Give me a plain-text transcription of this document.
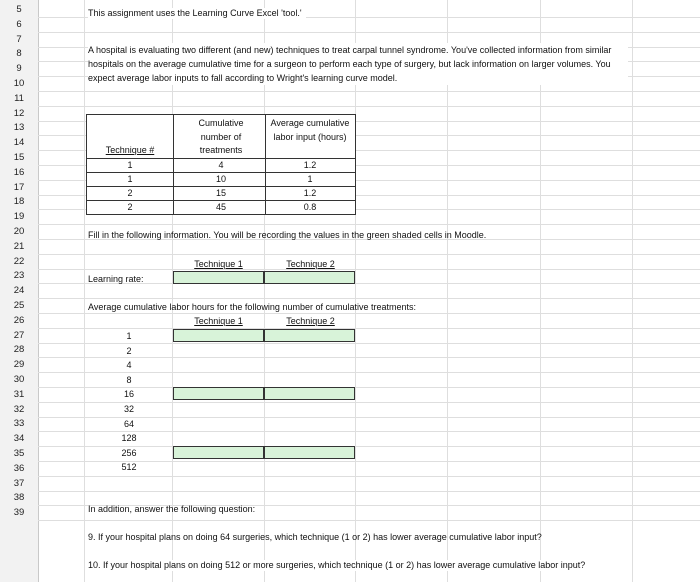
5
6
7
8
9
10
11
12
13
14
15
16
17
18
19
20
21
22
23
24
25
26
27
28
29
30
31
32
33
34
35
36
37
38
39
This assignment uses the Learning Curve Excel 'tool.'
A hospital is evaluating two different (and new) techniques to treat carpal tunnel syndrome. You've collected information from similar hospitals on the average cumulative time for a surgeon to perform each type of surgery, but lack information on larger volumes. You expect average labor inputs to fall according to Wright's learning curve model.
Technique #
Cumulative number of treatments
Average cumulative labor input (hours)
1	4	1.2
1	10	1
2	15	1.2
2	45	0.8
Fill in the following information. You will be recording the values in the green shaded cells in Moodle.
Technique 1	Technique 2
Learning rate:
Average cumulative labor hours for the following number of cumulative treatments:
Technique 1	Technique 2
1
2
4
8
16
32
64
128
256
512
In addition, answer the following question:
9. If your hospital plans on doing 64 surgeries, which technique (1 or 2) has lower average cumulative labor input?
10. If your hospital plans on doing 512 or more surgeries, which technique (1 or 2) has lower average cumulative labor input?
